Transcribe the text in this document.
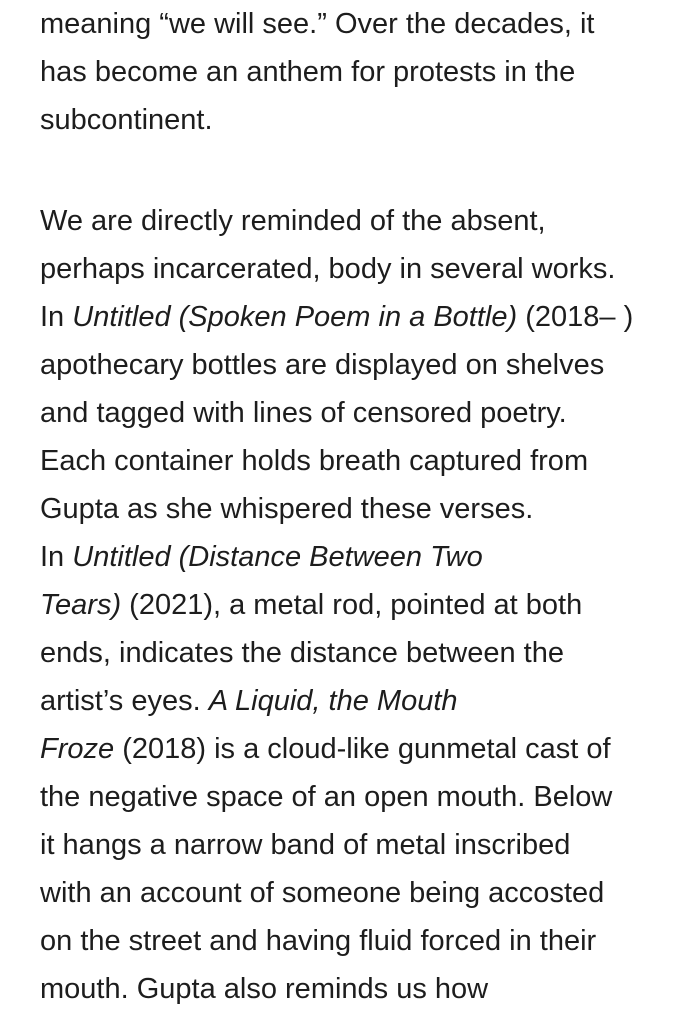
meaning “we will see.” Over the decades, it
has become an anthem for protests in the
subcontinent.
We are directly reminded of the absent,
perhaps incarcerated, body in several works.
In Untitled (Spoken Poem in a Bottle) (2018– )
apothecary bottles are displayed on shelves
and tagged with lines of censored poetry.
Each container holds breath captured from
Gupta as she whispered these verses.
In Untitled (Distance Between Two
Tears) (2021), a metal rod, pointed at both
ends, indicates the distance between the
artist’s eyes. A Liquid, the Mouth
Froze (2018) is a cloud-like gunmetal cast of
the negative space of an open mouth. Below
it hangs a narrow band of metal inscribed
with an account of someone being accosted
on the street and having fluid forced in their
mouth. Gupta also reminds us how
